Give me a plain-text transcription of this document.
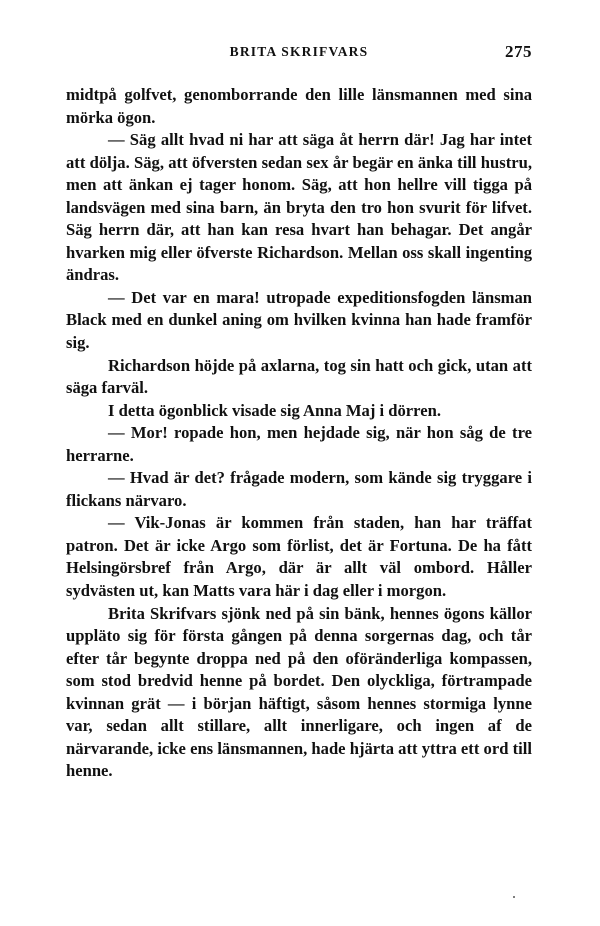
BRITA SKRIFVARS	275

midtpå golfvet, genomborrande den lille länsmannen med sina mörka ögon.

— Säg allt hvad ni har att säga åt herrn där! Jag har intet att dölja. Säg, att öfversten sedan sex år begär en änka till hustru, men att änkan ej tager honom. Säg, att hon hellre vill tigga på landsvägen med sina barn, än bryta den tro hon svurit för lifvet. Säg herrn där, att han kan resa hvart han behagar. Det angår hvarken mig eller öfverste Richardson. Mellan oss skall ingenting ändras.

— Det var en mara! utropade expeditionsfogden länsman Black med en dunkel aning om hvilken kvinna han hade framför sig.

Richardson höjde på axlarna, tog sin hatt och gick, utan att säga farväl.

I detta ögonblick visade sig Anna Maj i dörren.

— Mor! ropade hon, men hejdade sig, när hon såg de tre herrarne.

— Hvad är det? frågade modern, som kände sig tryggare i flickans närvaro.

— Vik-Jonas är kommen från staden, han har träffat patron. Det är icke Argo som förlist, det är Fortuna. De ha fått Helsingörsbref från Argo, där är allt väl ombord. Håller sydvästen ut, kan Matts vara här i dag eller i morgon.

Brita Skrifvars sjönk ned på sin bänk, hennes ögons källor uppläto sig för första gången på denna sorgernas dag, och tår efter tår begynte droppa ned på den oföränderliga kompassen, som stod bredvid henne på bordet. Den olyckliga, förtrampade kvinnan grät — i början häftigt, såsom hennes stormiga lynne var, sedan allt stillare, allt innerligare, och ingen af de närvarande, icke ens länsmannen, hade hjärta att yttra ett ord till henne.
